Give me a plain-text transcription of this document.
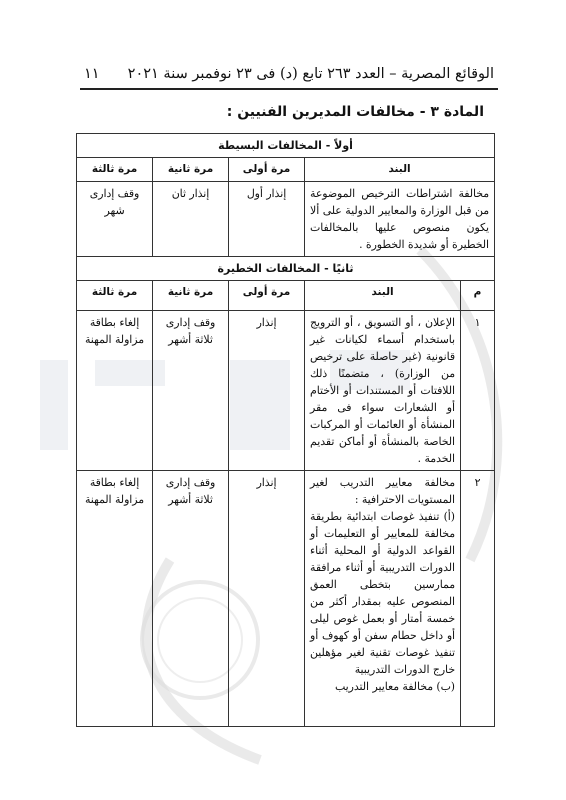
الوقائع المصرية – العدد ٢٦٣ تابع (د) فى ٢٣ نوفمبر سنة ٢٠٢١
١١
المادة ٣ - مخالفات المديرين الفنيين :
أولاً - المخالفات البسيطة				
البند		مرة أولى	مرة ثانية	مرة ثالثة
مخالفة اشتراطات الترخيص الموضوعة من قبل الوزارة والمعايير الدولية على ألا يكون منصوص عليها بالمخالفات الخطيرة أو شديدة الخطورة .		إنذار أول	إنذار ثان	وقف إدارى شهر
ثانيًا - المخالفات الخطيرة				
م	البند	مرة أولى	مرة ثانية	مرة ثالثة
١	الإعلان ، أو التسويق ، أو الترويج باستخدام أسماء لكيانات غير قانونية (غير حاصلة على ترخيص من الوزارة) ، متضمنًا ذلك اللافتات أو المستندات أو الأختام أو الشعارات سواء فى مقر المنشأة أو العائمات أو المركبات الخاصة بالمنشأة أو أماكن تقديم الخدمة .	إنذار	وقف إدارى ثلاثة أشهر	إلغاء بطاقة مزاولة المهنة
٢	مخالفة معايير التدريب لغير المستويات الاحترافية :
(أ) تنفيذ غوصات ابتدائية بطريقة مخالفة للمعايير أو التعليمات أو القواعد الدولية أو المحلية أثناء الدورات التدريبية أو أثناء مرافقة ممارسين بتخطى العمق المنصوص عليه بمقدار أكثر من خمسة أمتار أو بعمل غوص ليلى أو داخل حطام سفن أو كهوف أو تنفيذ غوصات تقنية لغير مؤهلين خارج الدورات التدريبية
(ب) مخالفة معايير التدريب	إنذار	وقف إدارى ثلاثة أشهر	إلغاء بطاقة مزاولة المهنة
